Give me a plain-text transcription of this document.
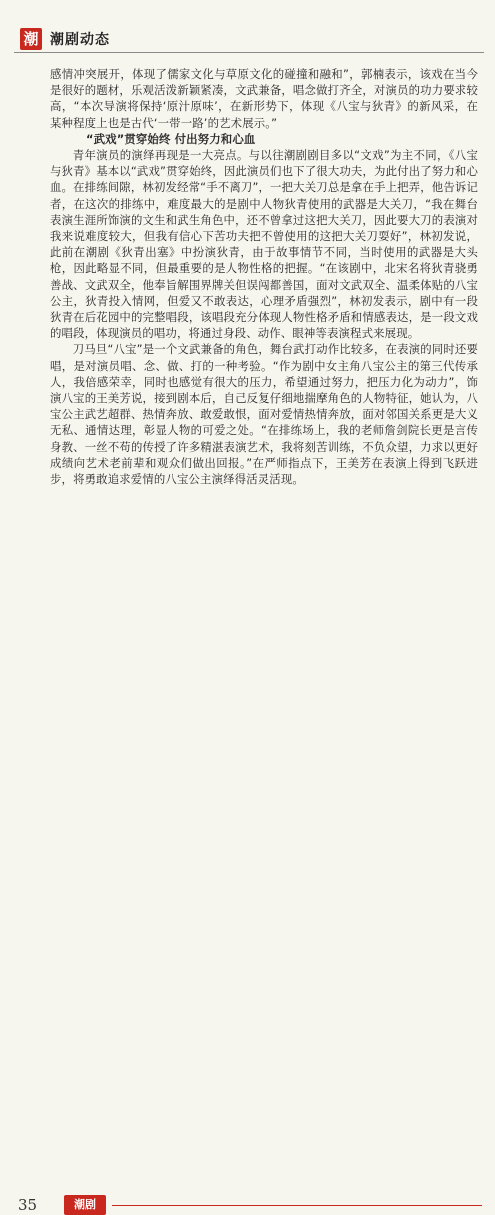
潮 潮剧动态

感情冲突展开，体现了儒家文化与草原文化的碰撞和融和”，郭楠表示，该戏在当今是很好的题材，乐观活泼新颖紧凑，文武兼备，唱念做打齐全，对演员的功力要求较高，“本次导演将保持‘原汁原味’，在新形势下，体现《八宝与狄青》的新风采，在某种程度上也是古代‘一带一路’的艺术展示。”

“武戏”贯穿始终 付出努力和心血

青年演员的演绎再现是一大亮点。与以往潮剧剧目多以“文戏”为主不同，《八宝与狄青》基本以“武戏”贯穿始终，因此演员们也下了很大功夫，为此付出了努力和心血。在排练间隙，林初发经常“手不离刀”，一把大关刀总是拿在手上把弄，他告诉记者，在这次的排练中，难度最大的是剧中人物狄青使用的武器是大关刀，“我在舞台表演生涯所饰演的文生和武生角色中，还不曾拿过这把大关刀，因此要大刀的表演对我来说难度较大，但我有信心下苦功夫把不曾使用的这把大关刀耍好”，林初发说，此前在潮剧《狄青出塞》中扮演狄青，由于故事情节不同，当时使用的武器是大头枪，因此略显不同，但最重要的是人物性格的把握。“在该剧中，北宋名将狄青骁勇善战、文武双全，他奉旨解围界牌关但误闯都善国，面对文武双全、温柔体贴的八宝公主，狄青投入情网，但爱又不敢表达，心理矛盾强烈”，林初发表示，剧中有一段狄青在后花园中的完整唱段，该唱段充分体现人物性格矛盾和情感表达，是一段文戏的唱段，体现演员的唱功，将通过身段、动作、眼神等表演程式来展现。

刀马旦“八宝”是一个文武兼备的角色，舞台武打动作比较多，在表演的同时还要唱，是对演员唱、念、做、打的一种考验。“作为剧中女主角八宝公主的第三代传承人，我倍感荣幸，同时也感觉有很大的压力，希望通过努力，把压力化为动力”，饰演八宝的王美芳说，接到剧本后，自己反复仔细地揣摩角色的人物特征，她认为，八宝公主武艺超群、热情奔放、敢爱敢恨，面对爱情热情奔放，面对邻国关系更是大义无私、通情达理，彰显人物的可爱之处。“在排练场上，我的老师詹剑院长更是言传身教、一丝不苟的传授了许多精湛表演艺术，我将刻苦训练，不负众望，力求以更好成绩向艺术老前辈和观众们做出回报。”在严师指点下，王美芳在表演上得到飞跃进步，将勇敢追求爱情的八宝公主演绎得活灵活现。

35	潮剧
